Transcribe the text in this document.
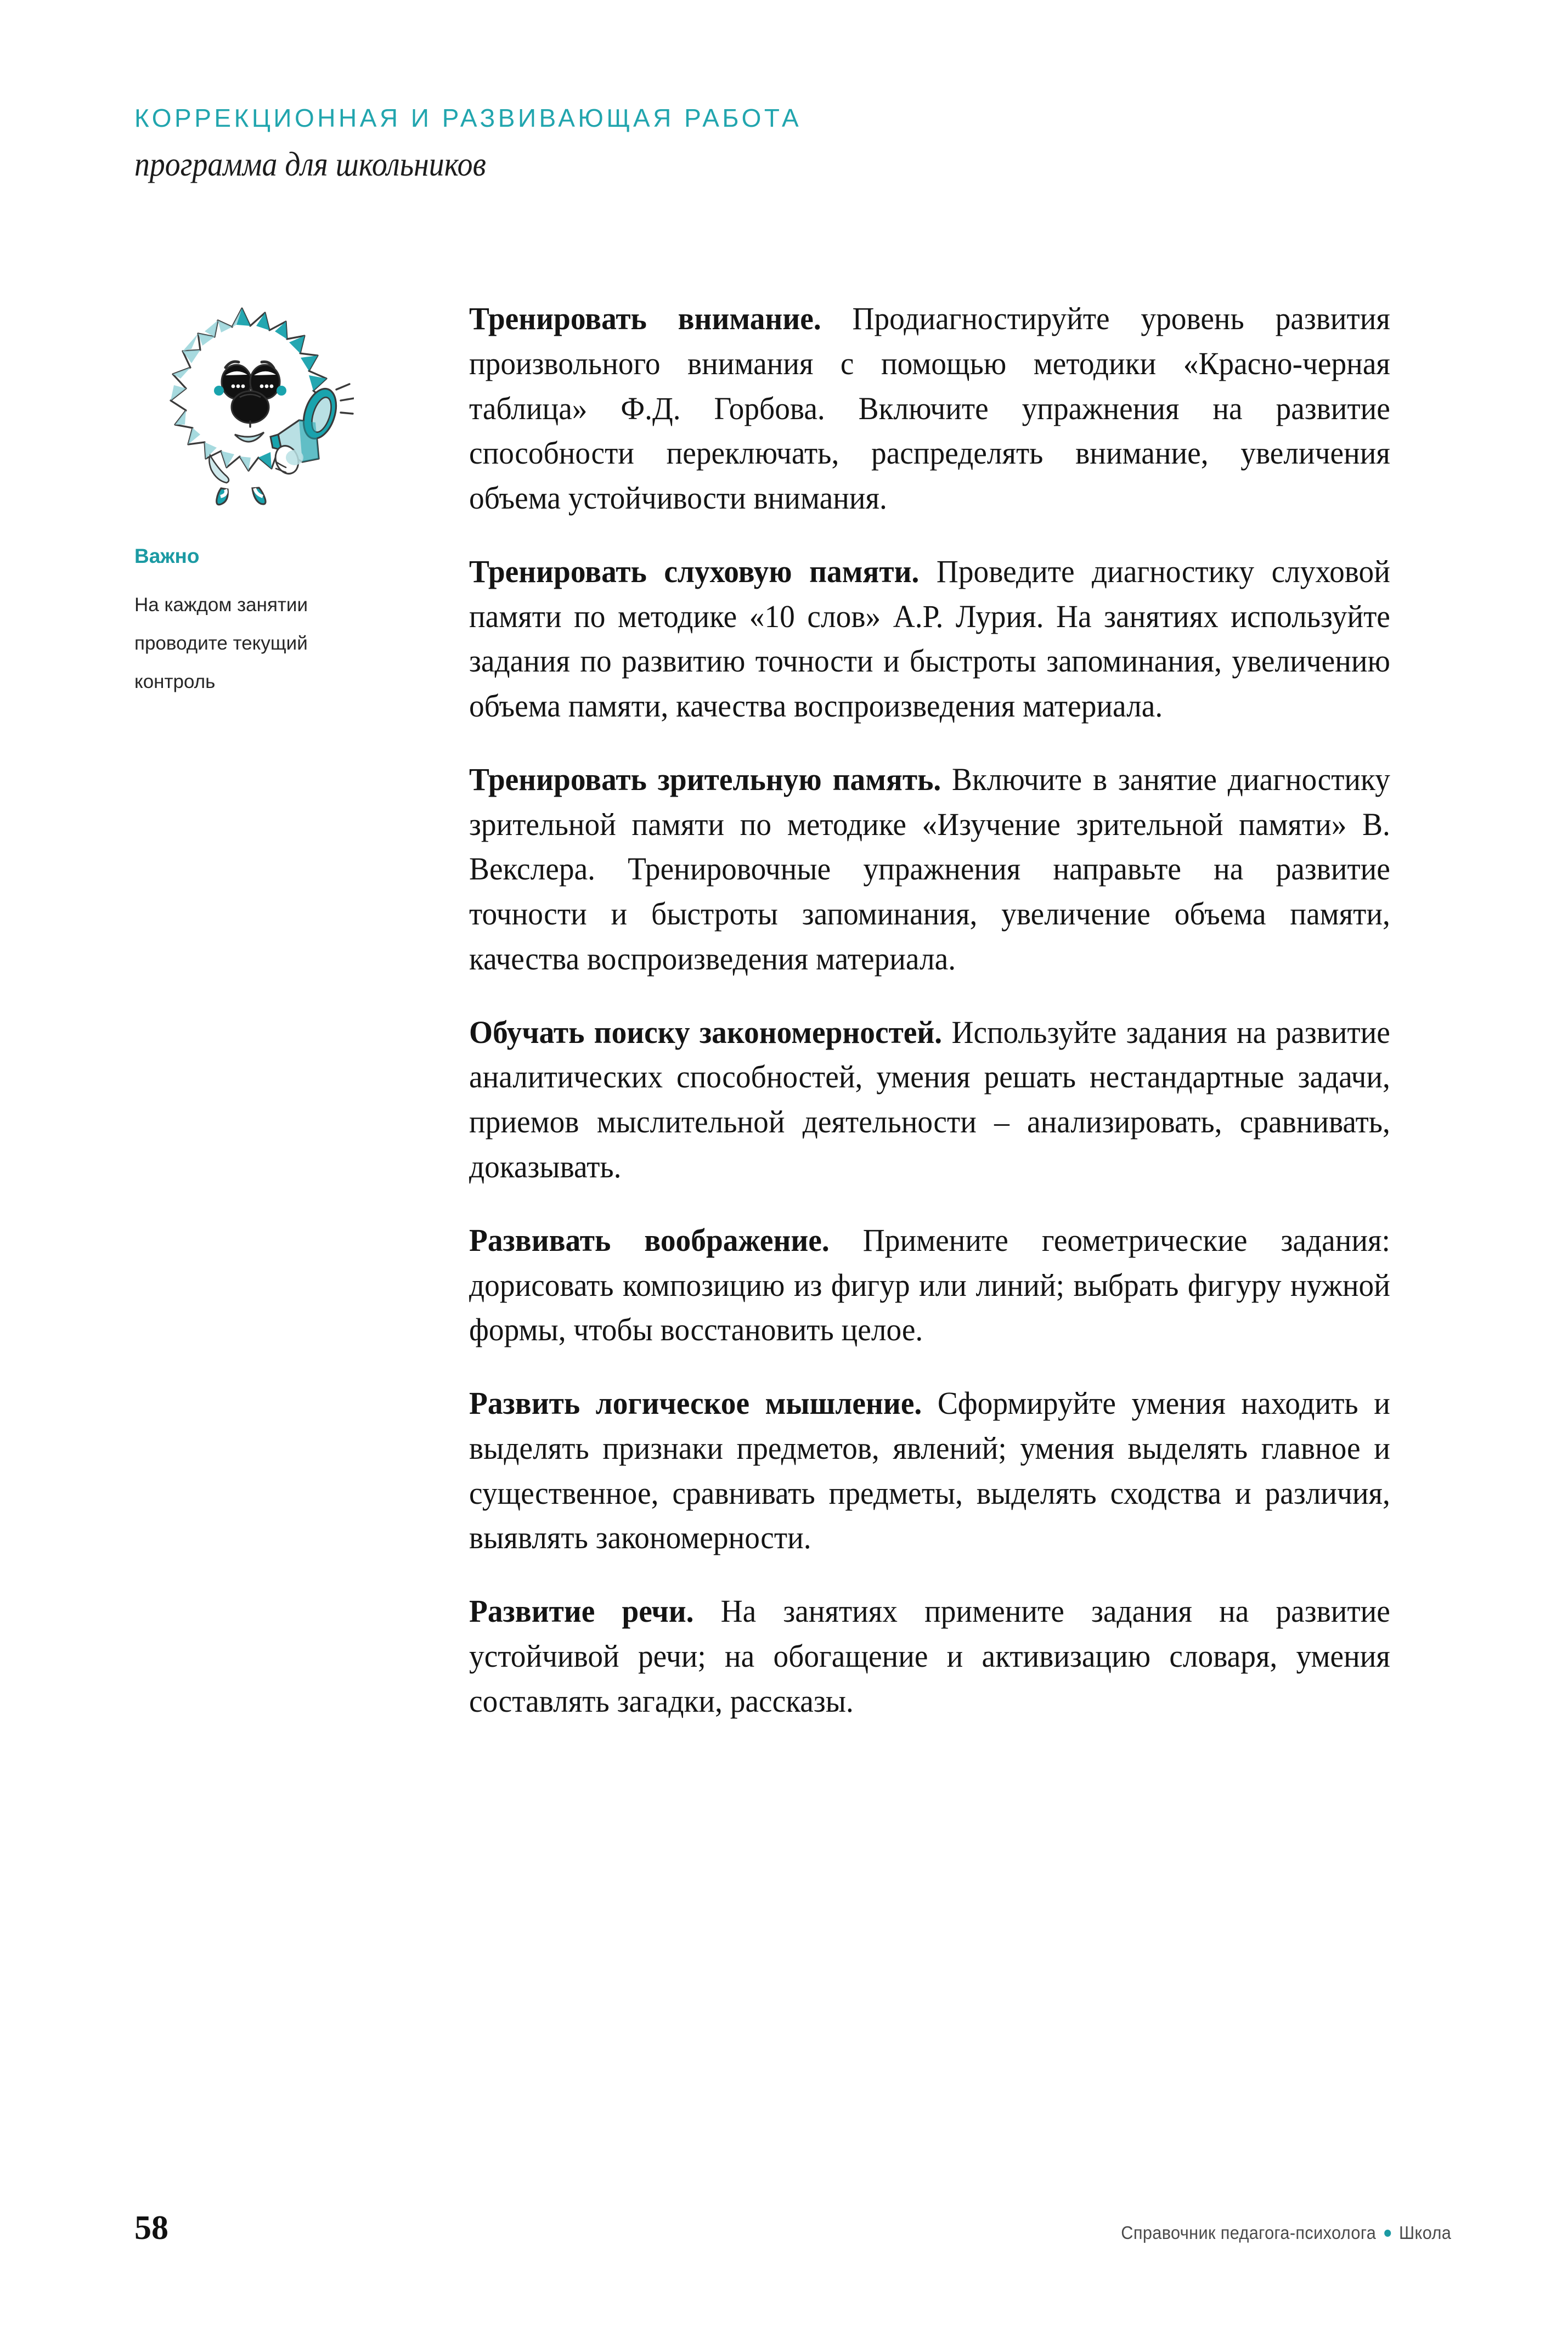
КОРРЕКЦИОННАЯ И РАЗВИВАЮЩАЯ РАБОТА
программа для школьников
Важно
На каждом занятии проводите текущий контроль

Тренировать внимание. Продиагностируйте уровень развития произвольного внимания с помощью методики «Красно-черная таблица» Ф.Д. Горбова. Включите упражнения на развитие способности переключать, распределять внимание, увеличения объема устойчивости внимания.

Тренировать слуховую памяти. Проведите диагностику слуховой памяти по методике «10 слов» А.Р. Лурия. На занятиях используйте задания по развитию точности и быстроты запоминания, увеличению объема памяти, качества воспроизведения материала.

Тренировать зрительную память. Включите в занятие диагностику зрительной памяти по методике «Изучение зрительной памяти» В. Векслера. Тренировочные упражнения направьте на развитие точности и быстроты запоминания, увеличение объема памяти, качества воспроизведения материала.

Обучать поиску закономерностей. Используйте задания на развитие аналитических способностей, умения решать нестандартные задачи, приемов мыслительной деятельности – анализировать, сравнивать, доказывать.

Развивать воображение. Примените геометрические задания: дорисовать композицию из фигур или линий; выбрать фигуру нужной формы, чтобы восстановить целое.

Развить логическое мышление. Сформируйте умения находить и выделять признаки предметов, явлений; умения выделять главное и существенное, сравнивать предметы, выделять сходства и различия, выявлять закономерности.

Развитие речи. На занятиях примените задания на развитие устойчивой речи; на обогащение и активизацию словаря, умения составлять загадки, рассказы.

58	Справочник педагога-психолога Школа
